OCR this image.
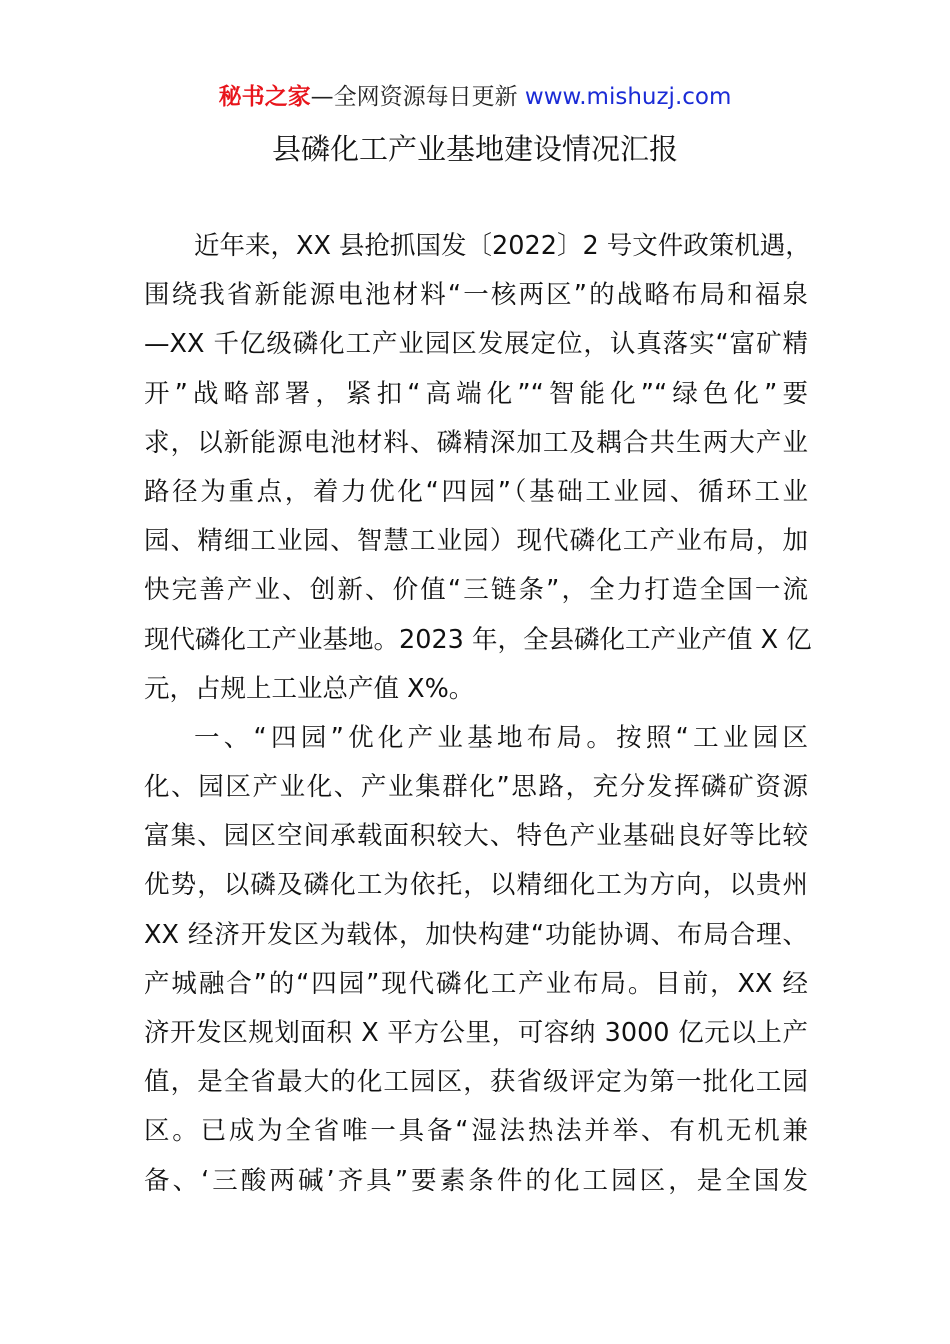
秘书之家—全网资源每日更新 www.mishuzj.com
县磷化工产业基地建设情况汇报
近年来，XX 县抢抓国发〔2022〕2 号文件政策机遇，
围绕我省新能源电池材料“一核两区”的战略布局和福泉
—XX 千亿级磷化工产业园区发展定位，认真落实“富矿精
开”战略部署，紧扣“高端化”“智能化”“绿色化”要
求，以新能源电池材料、磷精深加工及耦合共生两大产业
路径为重点，着力优化“四园”（基础工业园、循环工业
园、精细工业园、智慧工业园）现代磷化工产业布局，加
快完善产业、创新、价值“三链条”，全力打造全国一流
现代磷化工产业基地。2023 年，全县磷化工产业产值 X 亿
元，占规上工业总产值 X%。
一、“四园”优化产业基地布局。按照“工业园区
化、园区产业化、产业集群化”思路，充分发挥磷矿资源
富集、园区空间承载面积较大、特色产业基础良好等比较
优势，以磷及磷化工为依托，以精细化工为方向，以贵州
XX 经济开发区为载体，加快构建“功能协调、布局合理、
产城融合”的“四园”现代磷化工产业布局。目前，XX 经
济开发区规划面积 X 平方公里，可容纳 3000 亿元以上产
值，是全省最大的化工园区，获省级评定为第一批化工园
区。已成为全省唯一具备“湿法热法并举、有机无机兼
备、‘三酸两碱’齐具”要素条件的化工园区，是全国发
